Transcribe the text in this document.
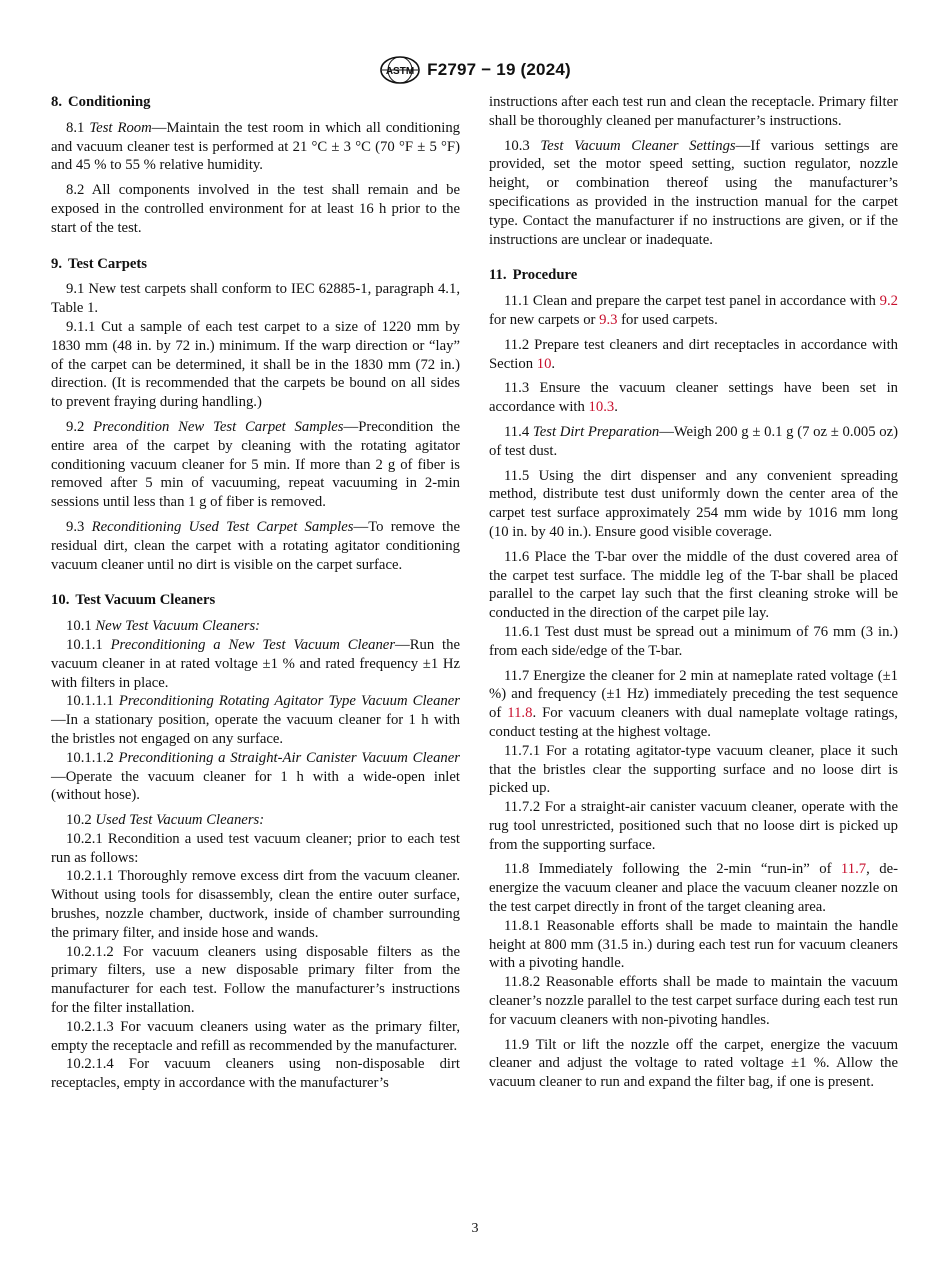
ASTM F2797 − 19 (2024)
8. Conditioning

8.1 Test Room—Maintain the test room in which all conditioning and vacuum cleaner test is performed at 21 °C ± 3 °C (70 °F ± 5 °F) and 45 % to 55 % relative humidity.

8.2 All components involved in the test shall remain and be exposed in the controlled environment for at least 16 h prior to the start of the test.

9. Test Carpets

9.1 New test carpets shall conform to IEC 62885-1, paragraph 4.1, Table 1.

9.1.1 Cut a sample of each test carpet to a size of 1220 mm by 1830 mm (48 in. by 72 in.) minimum. If the warp direction or “lay” of the carpet can be determined, it shall be in the 1830 mm (72 in.) direction. (It is recommended that the carpets be bound on all sides to prevent fraying during handling.)

9.2 Precondition New Test Carpet Samples—Precondition the entire area of the carpet by cleaning with the rotating agitator conditioning vacuum cleaner for 5 min. If more than 2 g of fiber is removed after 5 min of vacuuming, repeat vacuuming in 2-min sessions until less than 1 g of fiber is removed.

9.3 Reconditioning Used Test Carpet Samples—To remove the residual dirt, clean the carpet with a rotating agitator conditioning vacuum cleaner until no dirt is visible on the carpet surface.

10. Test Vacuum Cleaners

10.1 New Test Vacuum Cleaners:

10.1.1 Preconditioning a New Test Vacuum Cleaner—Run the vacuum cleaner in at rated voltage ±1 % and rated frequency ±1 Hz with filters in place.

10.1.1.1 Preconditioning Rotating Agitator Type Vacuum Cleaner—In a stationary position, operate the vacuum cleaner for 1 h with the bristles not engaged on any surface.

10.1.1.2 Preconditioning a Straight-Air Canister Vacuum Cleaner—Operate the vacuum cleaner for 1 h with a wide-open inlet (without hose).

10.2 Used Test Vacuum Cleaners:

10.2.1 Recondition a used test vacuum cleaner; prior to each test run as follows:

10.2.1.1 Thoroughly remove excess dirt from the vacuum cleaner. Without using tools for disassembly, clean the entire outer surface, brushes, nozzle chamber, ductwork, inside of chamber surrounding the primary filter, and inside hose and wands.

10.2.1.2 For vacuum cleaners using disposable filters as the primary filters, use a new disposable primary filter from the manufacturer for each test. Follow the manufacturer’s instructions for the filter installation.

10.2.1.3 For vacuum cleaners using water as the primary filter, empty the receptacle and refill as recommended by the manufacturer.

10.2.1.4 For vacuum cleaners using non-disposable dirt receptacles, empty in accordance with the manufacturer’s

instructions after each test run and clean the receptacle. Primary filter shall be thoroughly cleaned per manufacturer’s instructions.

10.3 Test Vacuum Cleaner Settings—If various settings are provided, set the motor speed setting, suction regulator, nozzle height, or combination thereof using the manufacturer’s specifications as provided in the instruction manual for the carpet type. Contact the manufacturer if no instructions are given, or if the instructions are unclear or inadequate.

11. Procedure

11.1 Clean and prepare the carpet test panel in accordance with 9.2 for new carpets or 9.3 for used carpets.

11.2 Prepare test cleaners and dirt receptacles in accordance with Section 10.

11.3 Ensure the vacuum cleaner settings have been set in accordance with 10.3.

11.4 Test Dirt Preparation—Weigh 200 g ± 0.1 g (7 oz ± 0.005 oz) of test dust.

11.5 Using the dirt dispenser and any convenient spreading method, distribute test dust uniformly down the center area of the carpet test surface approximately 254 mm wide by 1016 mm long (10 in. by 40 in.). Ensure good visible coverage.

11.6 Place the T-bar over the middle of the dust covered area of the carpet test surface. The middle leg of the T-bar shall be placed parallel to the carpet lay such that the first cleaning stroke will be conducted in the direction of the carpet pile lay.

11.6.1 Test dust must be spread out a minimum of 76 mm (3 in.) from each side/edge of the T-bar.

11.7 Energize the cleaner for 2 min at nameplate rated voltage (±1 %) and frequency (±1 Hz) immediately preceding the test sequence of 11.8. For vacuum cleaners with dual nameplate voltage ratings, conduct testing at the highest voltage.

11.7.1 For a rotating agitator-type vacuum cleaner, place it such that the bristles clear the supporting surface and no loose dirt is picked up.

11.7.2 For a straight-air canister vacuum cleaner, operate with the rug tool unrestricted, positioned such that no loose dirt is picked up from the supporting surface.

11.8 Immediately following the 2-min “run-in” of 11.7, de-energize the vacuum cleaner and place the vacuum cleaner nozzle on the test carpet directly in front of the target cleaning area.

11.8.1 Reasonable efforts shall be made to maintain the handle height at 800 mm (31.5 in.) during each test run for vacuum cleaners with a pivoting handle.

11.8.2 Reasonable efforts shall be made to maintain the vacuum cleaner’s nozzle parallel to the test carpet surface during each test run for vacuum cleaners with non-pivoting handles.

11.9 Tilt or lift the nozzle off the carpet, energize the vacuum cleaner and adjust the voltage to rated voltage ±1 %. Allow the vacuum cleaner to run and expand the filter bag, if one is present.

3
